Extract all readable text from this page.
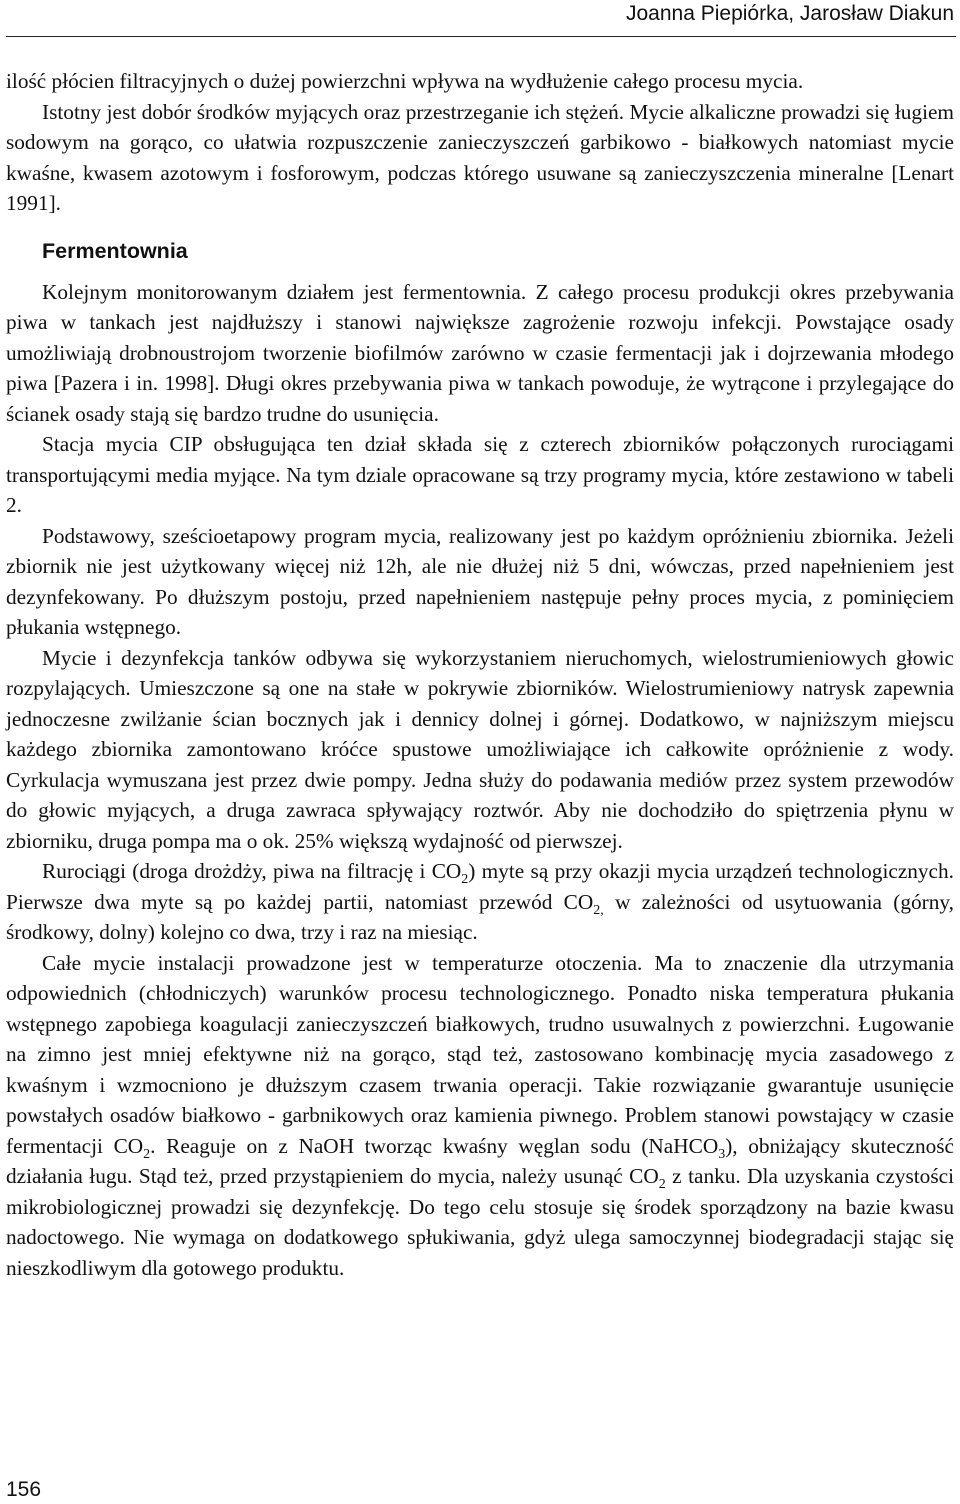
Joanna Piepiórka, Jarosław Diakun

ilość płócien filtracyjnych o dużej powierzchni wpływa na wydłużenie całego procesu mycia.

Istotny jest dobór środków myjących oraz przestrzeganie ich stężeń. Mycie alkaliczne prowadzi się ługiem sodowym na gorąco, co ułatwia rozpuszczenie zanieczyszczeń garbikowo - białkowych natomiast mycie kwaśne, kwasem azotowym i fosforowym, podczas którego usuwane są zanieczyszczenia mineralne [Lenart 1991].

Fermentownia

Kolejnym monitorowanym działem jest fermentownia. Z całego procesu produkcji okres przebywania piwa w tankach jest najdłuższy i stanowi największe zagrożenie rozwoju infekcji. Powstające osady umożliwiają drobnoustrojom tworzenie biofilmów zarówno w czasie fermentacji jak i dojrzewania młodego piwa [Pazera i in. 1998]. Długi okres przebywania piwa w tankach powoduje, że wytrącone i przylegające do ścianek osady stają się bardzo trudne do usunięcia.

Stacja mycia CIP obsługująca ten dział składa się z czterech zbiorników połączonych rurociągami transportującymi media myjące. Na tym dziale opracowane są trzy programy mycia, które zestawiono w tabeli 2.

Podstawowy, sześcioetapowy program mycia, realizowany jest po każdym opróżnieniu zbiornika. Jeżeli zbiornik nie jest użytkowany więcej niż 12h, ale nie dłużej niż 5 dni, wówczas, przed napełnieniem jest dezynfekowany. Po dłuższym postoju, przed napełnieniem następuje pełny proces mycia, z pominięciem płukania wstępnego.

Mycie i dezynfekcja tanków odbywa się wykorzystaniem nieruchomych, wielostrumieniowych głowic rozpylających. Umieszczone są one na stałe w pokrywie zbiorników. Wielostrumieniowy natrysk zapewnia jednoczesne zwilżanie ścian bocznych jak i dennicy dolnej i górnej. Dodatkowo, w najniższym miejscu każdego zbiornika zamontowano króćce spustowe umożliwiające ich całkowite opróżnienie z wody. Cyrkulacja wymuszana jest przez dwie pompy. Jedna służy do podawania mediów przez system przewodów do głowic myjących, a druga zawraca spływający roztwór. Aby nie dochodziło do spiętrzenia płynu w zbiorniku, druga pompa ma o ok. 25% większą wydajność od pierwszej.

Rurociągi (droga drożdży, piwa na filtrację i $CO_2$) myte są przy okazji mycia urządzeń technologicznych. Pierwsze dwa myte są po każdej partii, natomiast przewód $CO_{2,}$ w zależności od usytuowania (górny, środkowy, dolny) kolejno co dwa, trzy i raz na miesiąc.

Całe mycie instalacji prowadzone jest w temperaturze otoczenia. Ma to znaczenie dla utrzymania odpowiednich (chłodniczych) warunków procesu technologicznego. Ponadto niska temperatura płukania wstępnego zapobiega koagulacji zanieczyszczeń białkowych, trudno usuwalnych z powierzchni. Ługowanie na zimno jest mniej efektywne niż na gorąco, stąd też, zastosowano kombinację mycia zasadowego z kwaśnym i wzmocniono je dłuższym czasem trwania operacji. Takie rozwiązanie gwarantuje usunięcie powstałych osadów białkowo - garbnikowych oraz kamienia piwnego. Problem stanowi powstający w czasie fermentacji $CO_2$. Reaguje on z NaOH tworząc kwaśny węglan sodu (NaHCO$_3$), obniżający skuteczność działania ługu. Stąd też, przed przystąpieniem do mycia, należy usunąć $CO_2$ z tanku. Dla uzyskania czystości mikrobiologicznej prowadzi się dezynfekcję. Do tego celu stosuje się środek sporządzony na bazie kwasu nadoctowego. Nie wymaga on dodatkowego spłukiwania, gdyż ulega samoczynnej biodegradacji stając się nieszkodliwym dla gotowego produktu.

156
